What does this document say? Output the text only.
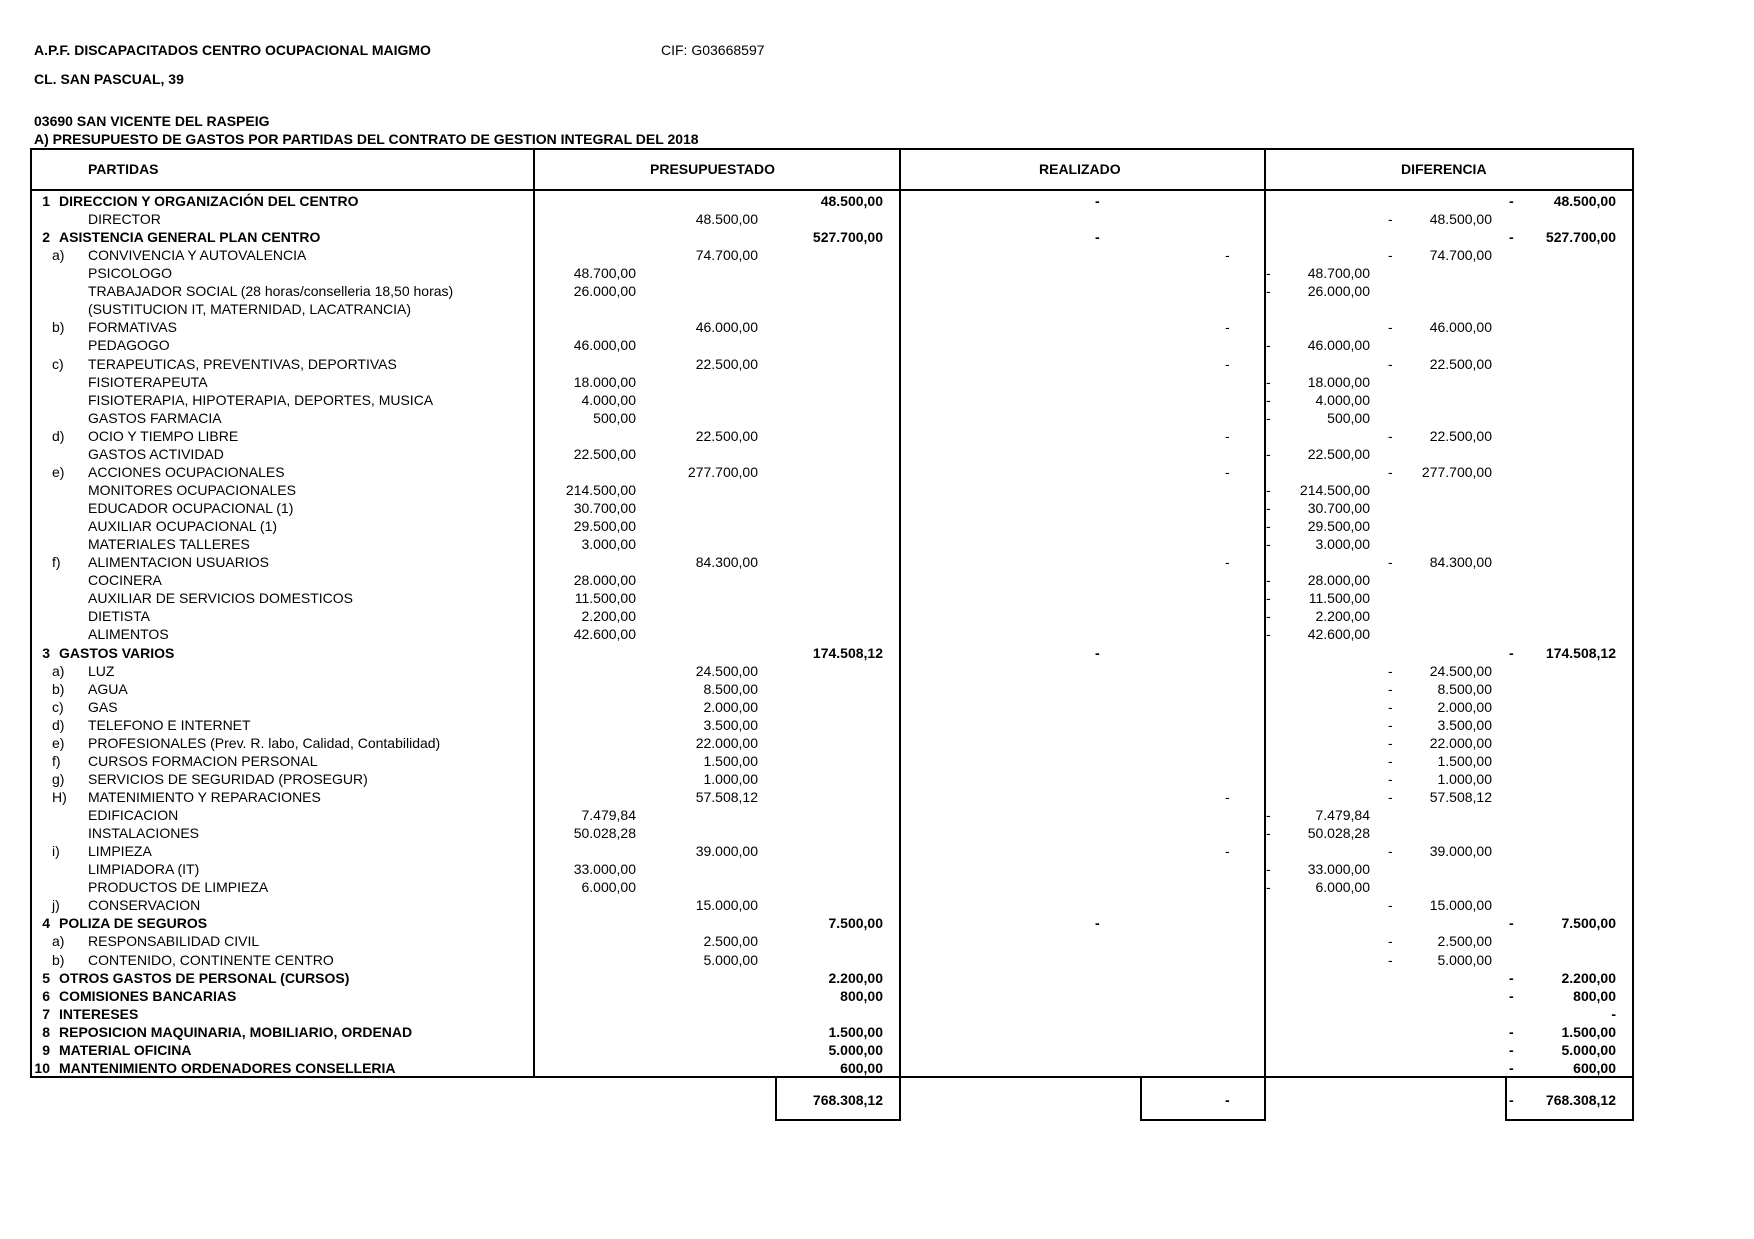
A.P.F. DISCAPACITADOS CENTRO OCUPACIONAL MAIGMO	CIF: G03668597
CL. SAN PASCUAL, 39
03690 SAN VICENTE DEL RASPEIG
A) PRESUPUESTO DE GASTOS POR PARTIDAS DEL CONTRATO DE GESTION INTEGRAL DEL 2018
PARTIDAS	PRESUPUESTADO	REALIZADO	DIFERENCIA
1 DIRECCION Y ORGANIZACIÓN DEL CENTRO	48.500,00	-	-	48.500,00
DIRECTOR	48.500,00	-	48.500,00
2 ASISTENCIA GENERAL PLAN CENTRO	527.700,00	-	- 527.700,00
a) CONVIVENCIA Y AUTOVALENCIA	74.700,00	-	-	74.700,00
PSICOLOGO	48.700,00	-	48.700,00
TRABAJADOR SOCIAL (28 horas/conselleria 18,50 horas)	26.000,00	-	26.000,00
(SUSTITUCION IT, MATERNIDAD, LACATRANCIA)
b) FORMATIVAS	46.000,00	-	-	46.000,00
PEDAGOGO	46.000,00	-	46.000,00
c) TERAPEUTICAS, PREVENTIVAS, DEPORTIVAS	22.500,00	-	-	22.500,00
FISIOTERAPEUTA	18.000,00	-	18.000,00
FISIOTERAPIA, HIPOTERAPIA, DEPORTES, MUSICA	4.000,00	-	4.000,00
GASTOS FARMACIA	500,00	-	500,00
d) OCIO Y TIEMPO LIBRE	22.500,00	-	-	22.500,00
GASTOS ACTIVIDAD	22.500,00	-	22.500,00
e) ACCIONES OCUPACIONALES	277.700,00	-	- 277.700,00
MONITORES OCUPACIONALES	214.500,00	- 214.500,00
EDUCADOR OCUPACIONAL (1)	30.700,00	-	30.700,00
AUXILIAR OCUPACIONAL (1)	29.500,00	-	29.500,00
MATERIALES TALLERES	3.000,00	-	3.000,00
f) ALIMENTACION USUARIOS	84.300,00	-	-	84.300,00
COCINERA	28.000,00	-	28.000,00
AUXILIAR DE SERVICIOS DOMESTICOS	11.500,00	-	11.500,00
DIETISTA	2.200,00	-	2.200,00
ALIMENTOS	42.600,00	-	42.600,00
3 GASTOS VARIOS	174.508,12	-	- 174.508,12
a) LUZ	24.500,00	-	24.500,00
b) AGUA	8.500,00	-	8.500,00
c) GAS	2.000,00	-	2.000,00
d) TELEFONO E INTERNET	3.500,00	-	3.500,00
e) PROFESIONALES (Prev. R. labo, Calidad, Contabilidad)	22.000,00	-	22.000,00
f) CURSOS FORMACION PERSONAL	1.500,00	-	1.500,00
g) SERVICIOS DE SEGURIDAD (PROSEGUR)	1.000,00	-	1.000,00
H) MATENIMIENTO Y REPARACIONES	57.508,12	-	-	57.508,12
EDIFICACION	7.479,84	-	7.479,84
INSTALACIONES	50.028,28	-	50.028,28
i) LIMPIEZA	39.000,00	-	-	39.000,00
LIMPIADORA (IT)	33.000,00	-	33.000,00
PRODUCTOS DE LIMPIEZA	6.000,00	-	6.000,00
j) CONSERVACION	15.000,00	-	15.000,00
4 POLIZA DE SEGUROS	7.500,00	-	-	7.500,00
a) RESPONSABILIDAD CIVIL	2.500,00	-	2.500,00
b) CONTENIDO, CONTINENTE CENTRO	5.000,00	-	5.000,00
5 OTROS GASTOS DE PERSONAL (CURSOS)	2.200,00	-	2.200,00
6 COMISIONES BANCARIAS	800,00	-	800,00
7 INTERESES	-
8 REPOSICION MAQUINARIA, MOBILIARIO, ORDENAD	1.500,00	-	1.500,00
9 MATERIAL OFICINA	5.000,00	-	5.000,00
10 MANTENIMIENTO ORDENADORES CONSELLERIA	600,00	-	600,00
768.308,12	-	- 768.308,12
